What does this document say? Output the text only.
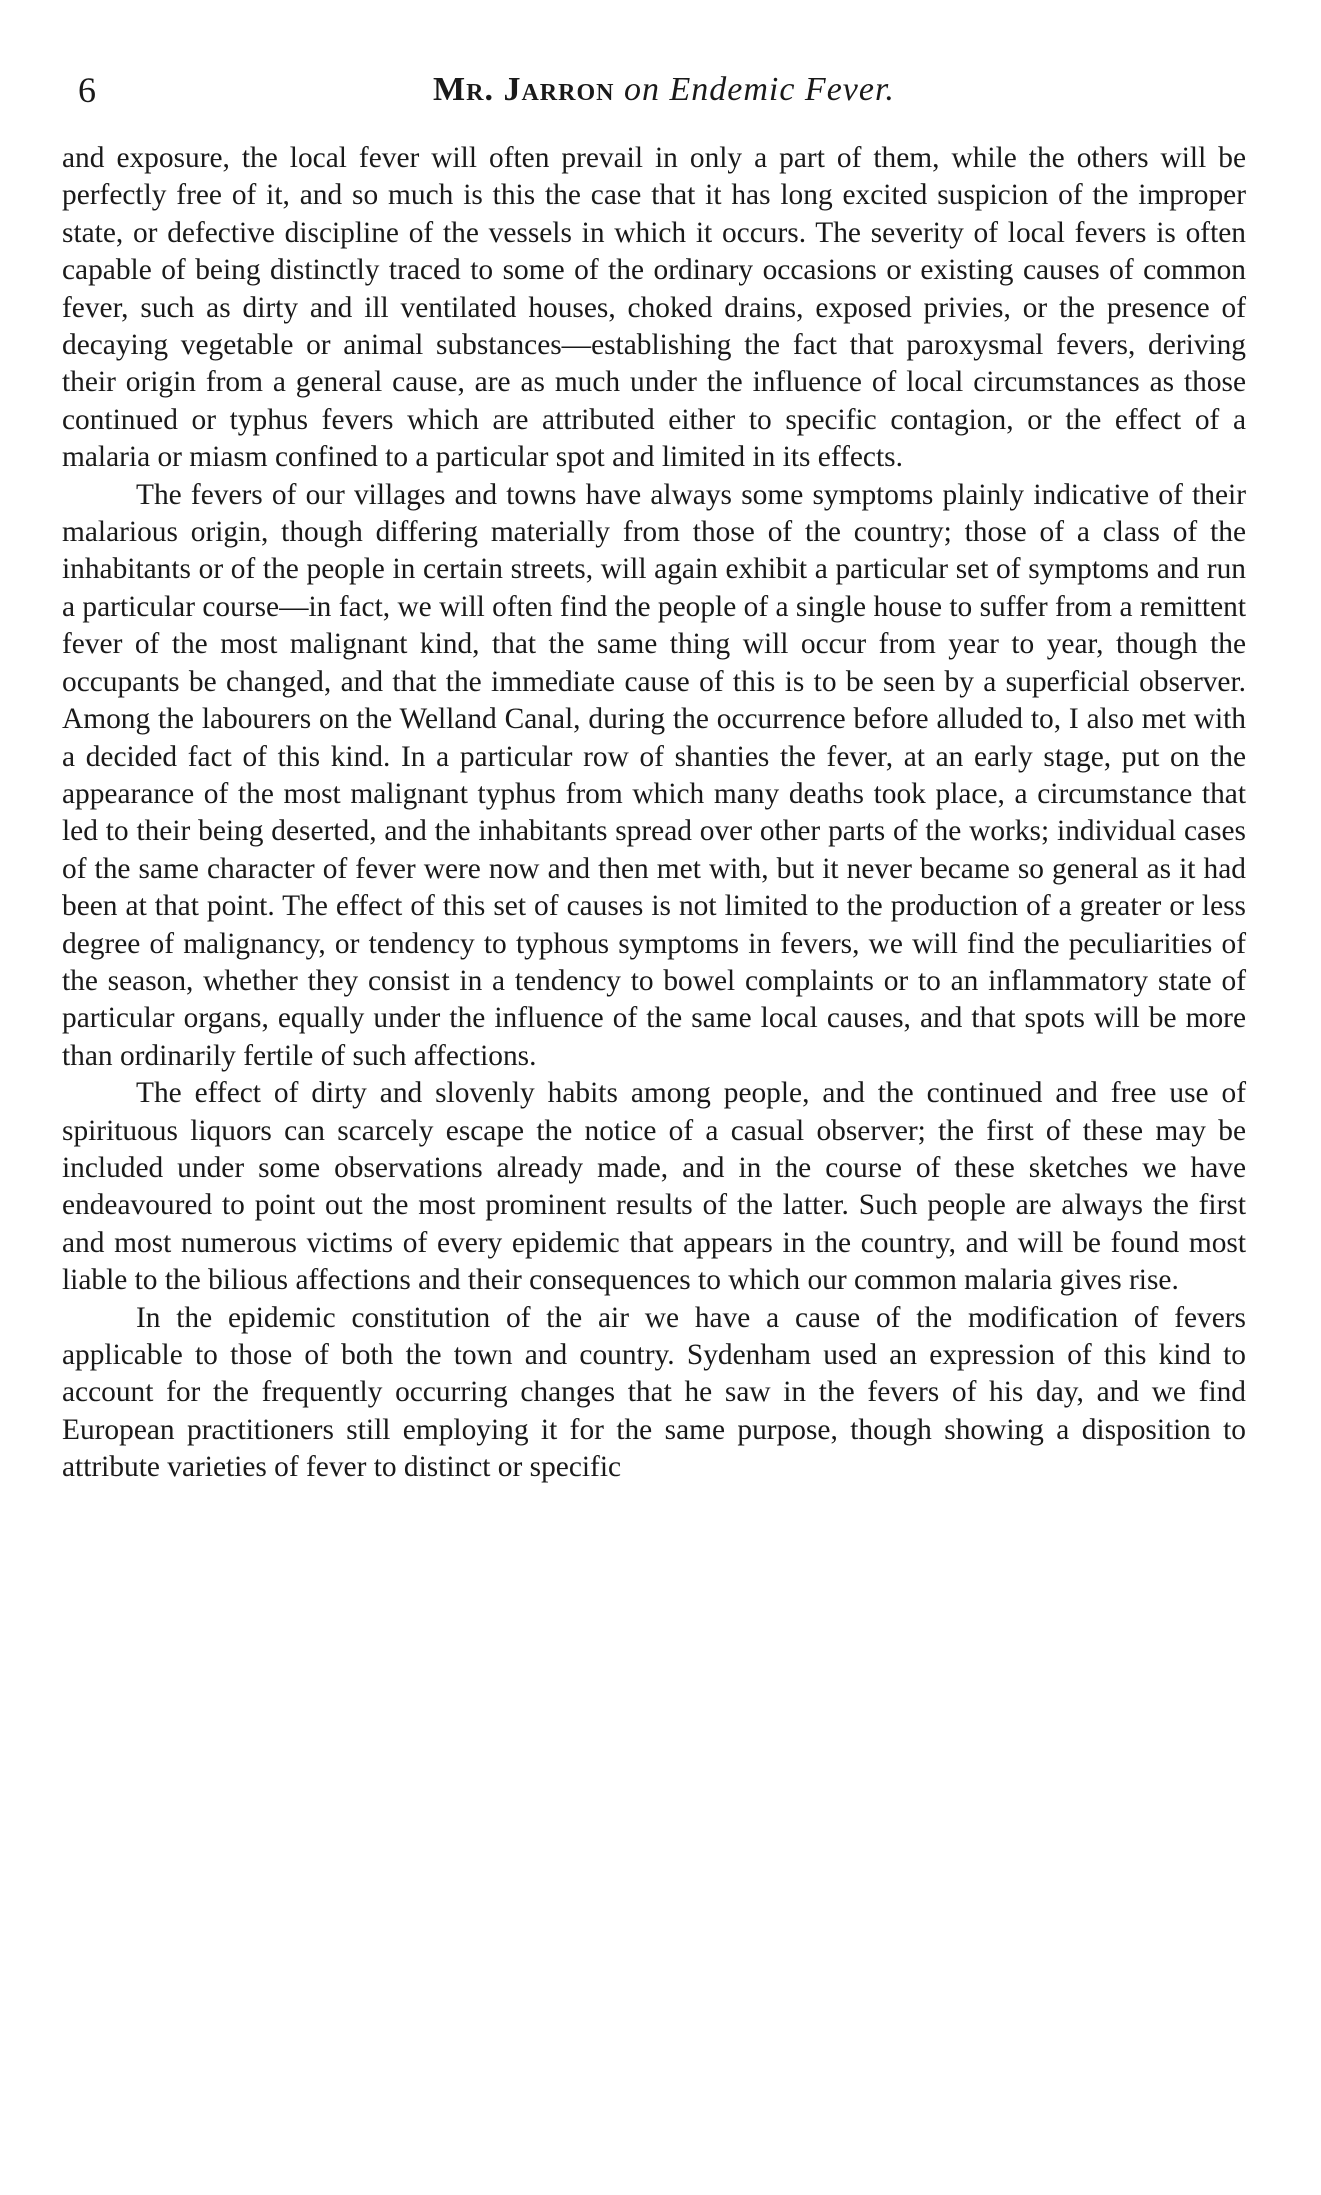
6	Mr. Jarron on Endemic Fever.

and exposure, the local fever will often prevail in only a part of them, while the others will be perfectly free of it, and so much is this the case that it has long excited suspicion of the improper state, or defective discipline of the vessels in which it occurs. The severity of local fevers is often capable of being distinctly traced to some of the ordinary occasions or existing causes of common fever, such as dirty and ill ventilated houses, choked drains, exposed privies, or the presence of decaying vegetable or animal substances—establishing the fact that paroxysmal fevers, deriving their origin from a general cause, are as much under the influence of local circumstances as those continued or typhus fevers which are attributed either to specific contagion, or the effect of a malaria or miasm confined to a particular spot and limited in its effects.

The fevers of our villages and towns have always some symptoms plainly indicative of their malarious origin, though differing materially from those of the country; those of a class of the inhabitants or of the people in certain streets, will again exhibit a particular set of symptoms and run a particular course—in fact, we will often find the people of a single house to suffer from a remittent fever of the most malignant kind, that the same thing will occur from year to year, though the occupants be changed, and that the immediate cause of this is to be seen by a superficial observer. Among the labourers on the Welland Canal, during the occurrence before alluded to, I also met with a decided fact of this kind. In a particular row of shanties the fever, at an early stage, put on the appearance of the most malignant typhus from which many deaths took place, a circumstance that led to their being deserted, and the inhabitants spread over other parts of the works; individual cases of the same character of fever were now and then met with, but it never became so general as it had been at that point. The effect of this set of causes is not limited to the production of a greater or less degree of malignancy, or tendency to typhous symptoms in fevers, we will find the peculiarities of the season, whether they consist in a tendency to bowel complaints or to an inflammatory state of particular organs, equally under the influence of the same local causes, and that spots will be more than ordinarily fertile of such affections.

The effect of dirty and slovenly habits among people, and the continued and free use of spirituous liquors can scarcely escape the notice of a casual observer; the first of these may be included under some observations already made, and in the course of these sketches we have endeavoured to point out the most prominent results of the latter. Such people are always the first and most numerous victims of every epidemic that appears in the country, and will be found most liable to the bilious affections and their consequences to which our common malaria gives rise.

In the epidemic constitution of the air we have a cause of the modification of fevers applicable to those of both the town and country. Sydenham used an expression of this kind to account for the frequently occurring changes that he saw in the fevers of his day, and we find European practitioners still employing it for the same purpose, though showing a disposition to attribute varieties of fever to distinct or specific
